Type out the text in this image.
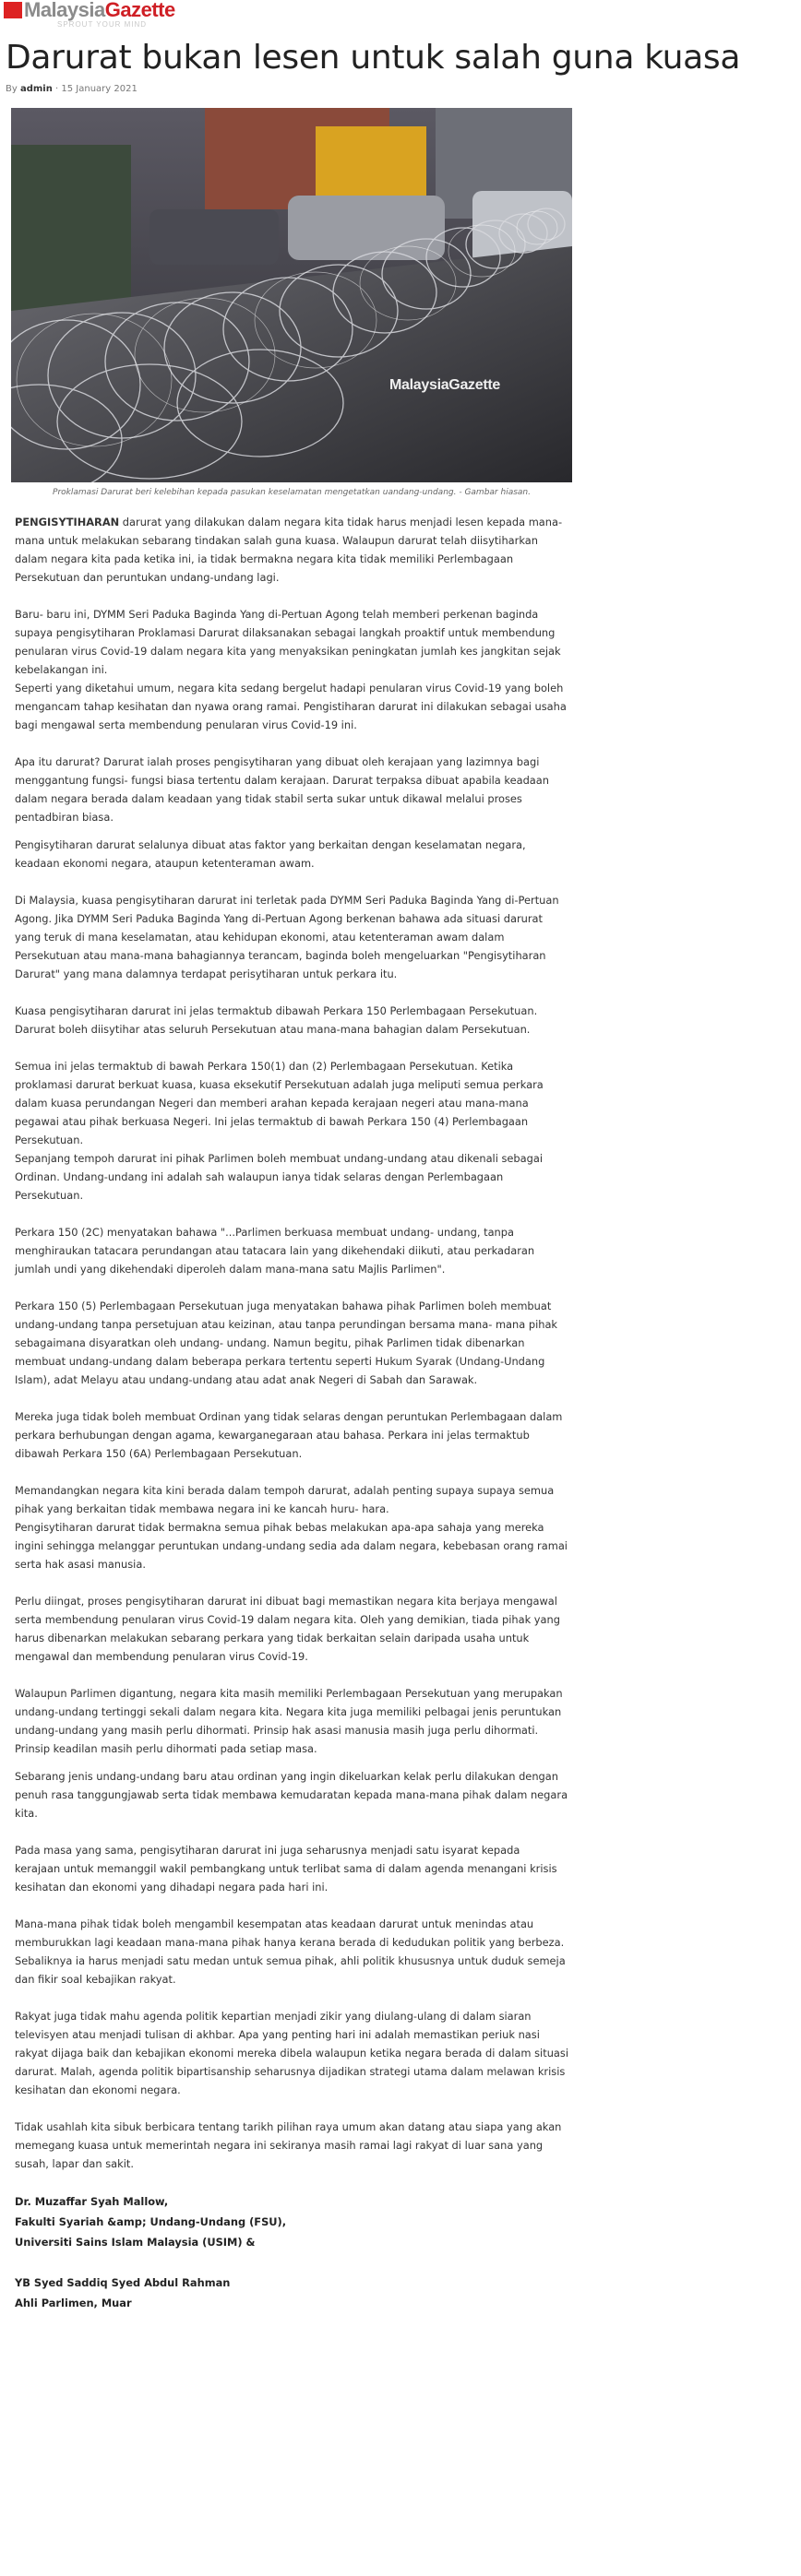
MalaysiaGazette
SPROUT YOUR MIND
Darurat bukan lesen untuk salah guna kuasa
By admin · 15 January 2021
MalaysiaGazette
Proklamasi Darurat beri kelebihan kepada pasukan keselamatan mengetatkan uandang-undang. - Gambar hiasan.

PENGISYTIHARAN darurat yang dilakukan dalam negara kita tidak harus menjadi lesen kepada mana- mana untuk melakukan sebarang tindakan salah guna kuasa. Walaupun darurat telah diisytiharkan dalam negara kita pada ketika ini, ia tidak bermakna negara kita tidak memiliki Perlembagaan Persekutuan dan peruntukan undang-undang lagi.

Baru- baru ini, DYMM Seri Paduka Baginda Yang di-Pertuan Agong telah memberi perkenan baginda supaya pengisytiharan Proklamasi Darurat dilaksanakan sebagai langkah proaktif untuk membendung penularan virus Covid-19 dalam negara kita yang menyaksikan peningkatan jumlah kes jangkitan sejak kebelakangan ini.

Seperti yang diketahui umum, negara kita sedang bergelut hadapi penularan virus Covid-19 yang boleh mengancam tahap kesihatan dan nyawa orang ramai. Pengistiharan darurat ini dilakukan sebagai usaha bagi mengawal serta membendung penularan virus Covid-19 ini.

Apa itu darurat? Darurat ialah proses pengisytiharan yang dibuat oleh kerajaan yang lazimnya bagi menggantung fungsi- fungsi biasa tertentu dalam kerajaan. Darurat terpaksa dibuat apabila keadaan dalam negara berada dalam keadaan yang tidak stabil serta sukar untuk dikawal melalui proses pentadbiran biasa.

Pengisytiharan darurat selalunya dibuat atas faktor yang berkaitan dengan keselamatan negara, keadaan ekonomi negara, ataupun ketenteraman awam.

Di Malaysia, kuasa pengisytiharan darurat ini terletak pada DYMM Seri Paduka Baginda Yang di-Pertuan Agong. Jika DYMM Seri Paduka Baginda Yang di-Pertuan Agong berkenan bahawa ada situasi darurat yang teruk di mana keselamatan, atau kehidupan ekonomi, atau ketenteraman awam dalam Persekutuan atau mana-mana bahagiannya terancam, baginda boleh mengeluarkan "Pengisytiharan Darurat" yang mana dalamnya terdapat perisytiharan untuk perkara itu.

Kuasa pengisytiharan darurat ini jelas termaktub dibawah Perkara 150 Perlembagaan Persekutuan. Darurat boleh diisytihar atas seluruh Persekutuan atau mana-mana bahagian dalam Persekutuan.

Semua ini jelas termaktub di bawah Perkara 150(1) dan (2) Perlembagaan Persekutuan. Ketika proklamasi darurat berkuat kuasa, kuasa eksekutif Persekutuan adalah juga meliputi semua perkara dalam kuasa perundangan Negeri dan memberi arahan kepada kerajaan negeri atau mana-mana pegawai atau pihak berkuasa Negeri. Ini jelas termaktub di bawah Perkara 150 (4) Perlembagaan Persekutuan.

Sepanjang tempoh darurat ini pihak Parlimen boleh membuat undang-undang atau dikenali sebagai Ordinan. Undang-undang ini adalah sah walaupun ianya tidak selaras dengan Perlembagaan Persekutuan.

Perkara 150 (2C) menyatakan bahawa "...Parlimen berkuasa membuat undang- undang, tanpa menghiraukan tatacara perundangan atau tatacara lain yang dikehendaki diikuti, atau perkadaran jumlah undi yang dikehendaki diperoleh dalam mana-mana satu Majlis Parlimen".

Perkara 150 (5) Perlembagaan Persekutuan juga menyatakan bahawa pihak Parlimen boleh membuat undang-undang tanpa persetujuan atau keizinan, atau tanpa perundingan bersama mana- mana pihak sebagaimana disyaratkan oleh undang- undang. Namun begitu, pihak Parlimen tidak dibenarkan membuat undang-undang dalam beberapa perkara tertentu seperti Hukum Syarak (Undang-Undang Islam), adat Melayu atau undang-undang atau adat anak Negeri di Sabah dan Sarawak.

Mereka juga tidak boleh membuat Ordinan yang tidak selaras dengan peruntukan Perlembagaan dalam perkara berhubungan dengan agama, kewarganegaraan atau bahasa. Perkara ini jelas termaktub dibawah Perkara 150 (6A) Perlembagaan Persekutuan.

Memandangkan negara kita kini berada dalam tempoh darurat, adalah penting supaya supaya semua pihak yang berkaitan tidak membawa negara ini ke kancah huru- hara.

Pengisytiharan darurat tidak bermakna semua pihak bebas melakukan apa-apa sahaja yang mereka ingini sehingga melanggar peruntukan undang-undang sedia ada dalam negara, kebebasan orang ramai serta hak asasi manusia.

Perlu diingat, proses pengisytiharan darurat ini dibuat bagi memastikan negara kita berjaya mengawal serta membendung penularan virus Covid-19 dalam negara kita. Oleh yang demikian, tiada pihak yang harus dibenarkan melakukan sebarang perkara yang tidak berkaitan selain daripada usaha untuk mengawal dan membendung penularan virus Covid-19.

Walaupun Parlimen digantung, negara kita masih memiliki Perlembagaan Persekutuan yang merupakan undang-undang tertinggi sekali dalam negara kita. Negara kita juga memiliki pelbagai jenis peruntukan undang-undang yang masih perlu dihormati. Prinsip hak asasi manusia masih juga perlu dihormati. Prinsip keadilan masih perlu dihormati pada setiap masa.

Sebarang jenis undang-undang baru atau ordinan yang ingin dikeluarkan kelak perlu dilakukan dengan penuh rasa tanggungjawab serta tidak membawa kemudaratan kepada mana-mana pihak dalam negara kita.

Pada masa yang sama, pengisytiharan darurat ini juga seharusnya menjadi satu isyarat kepada kerajaan untuk memanggil wakil pembangkang untuk terlibat sama di dalam agenda menangani krisis kesihatan dan ekonomi yang dihadapi negara pada hari ini.

Mana-mana pihak tidak boleh mengambil kesempatan atas keadaan darurat untuk menindas atau memburukkan lagi keadaan mana-mana pihak hanya kerana berada di kedudukan politik yang berbeza. Sebaliknya ia harus menjadi satu medan untuk semua pihak, ahli politik khususnya untuk duduk semeja dan fikir soal kebajikan rakyat.

Rakyat juga tidak mahu agenda politik kepartian menjadi zikir yang diulang-ulang di dalam siaran televisyen atau menjadi tulisan di akhbar. Apa yang penting hari ini adalah memastikan periuk nasi rakyat dijaga baik dan kebajikan ekonomi mereka dibela walaupun ketika negara berada di dalam situasi darurat. Malah, agenda politik bipartisanship seharusnya dijadikan strategi utama dalam melawan krisis kesihatan dan ekonomi negara.

Tidak usahlah kita sibuk berbicara tentang tarikh pilihan raya umum akan datang atau siapa yang akan memegang kuasa untuk memerintah negara ini sekiranya masih ramai lagi rakyat di luar sana yang susah, lapar dan sakit.

Dr. Muzaffar Syah Mallow,

Fakulti Syariah &amp; Undang-Undang (FSU),

Universiti Sains Islam Malaysia (USIM) &

YB Syed Saddiq Syed Abdul Rahman

Ahli Parlimen, Muar
